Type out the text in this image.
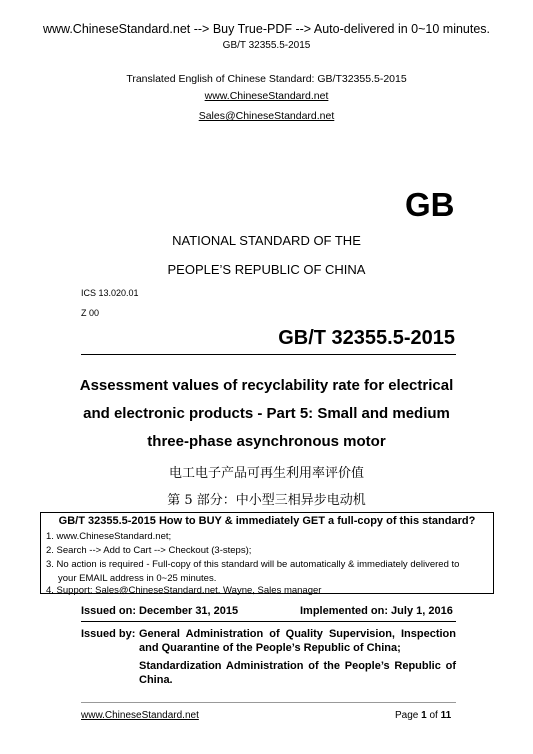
www.ChineseStandard.net --> Buy True-PDF --> Auto-delivered in 0~10 minutes.
GB/T 32355.5-2015
Translated English of Chinese Standard: GB/T32355.5-2015
www.ChineseStandard.net
Sales@ChineseStandard.net
GB
NATIONAL STANDARD OF THE
PEOPLE’S REPUBLIC OF CHINA
ICS 13.020.01
Z 00
GB/T 32355.5-2015
Assessment values of recyclability rate for electrical
and electronic products - Part 5: Small and medium
three-phase asynchronous motor
电工电子产品可再生利用率评价值
第 5 部分：中小型三相异步电动机
GB/T 32355.5-2015 How to BUY & immediately GET a full-copy of this standard?
1. www.ChineseStandard.net;
2. Search --> Add to Cart --> Checkout (3-steps);
3. No action is required - Full-copy of this standard will be automatically & immediately delivered to
your EMAIL address in 0~25 minutes.
4. Support: Sales@ChineseStandard.net. Wayne, Sales manager
Issued on: December 31, 2015	Implemented on: July 1, 2016
Issued by: General Administration of Quality Supervision, Inspection and Quarantine of the People’s Republic of China;

Standardization Administration of the People’s Republic of China.

www.ChineseStandard.net	Page 1 of 11
